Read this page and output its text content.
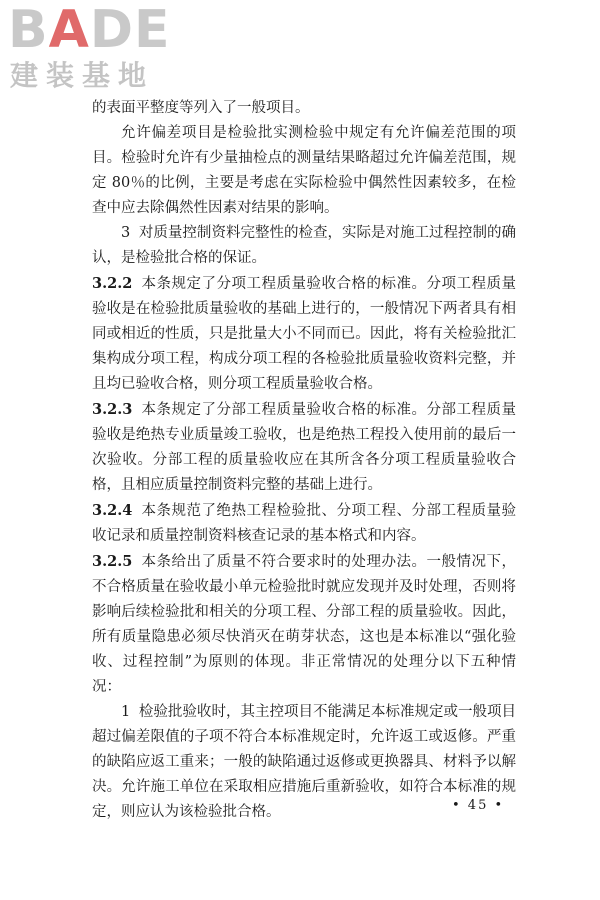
BADE
建装基地

的表面平整度等列入了一般项目。

允许偏差项目是检验批实测检验中规定有允许偏差范围的项目。检验时允许有少量抽检点的测量结果略超过允许偏差范围，规定 80％的比例，主要是考虑在实际检验中偶然性因素较多，在检查中应去除偶然性因素对结果的影响。

3 对质量控制资料完整性的检查，实际是对施工过程控制的确认，是检验批合格的保证。

3.2.2 本条规定了分项工程质量验收合格的标准。分项工程质量验收是在检验批质量验收的基础上进行的，一般情况下两者具有相同或相近的性质，只是批量大小不同而已。因此，将有关检验批汇集构成分项工程，构成分项工程的各检验批质量验收资料完整，并且均已验收合格，则分项工程质量验收合格。

3.2.3 本条规定了分部工程质量验收合格的标准。分部工程质量验收是绝热专业质量竣工验收，也是绝热工程投入使用前的最后一次验收。分部工程的质量验收应在其所含各分项工程质量验收合格，且相应质量控制资料完整的基础上进行。

3.2.4 本条规范了绝热工程检验批、分项工程、分部工程质量验收记录和质量控制资料核查记录的基本格式和内容。

3.2.5 本条给出了质量不符合要求时的处理办法。一般情况下，不合格质量在验收最小单元检验批时就应发现并及时处理，否则将影响后续检验批和相关的分项工程、分部工程的质量验收。因此，所有质量隐患必须尽快消灭在萌芽状态，这也是本标准以“强化验收、过程控制”为原则的体现。非正常情况的处理分以下五种情况：

1 检验批验收时，其主控项目不能满足本标准规定或一般项目超过偏差限值的子项不符合本标准规定时，允许返工或返修。严重的缺陷应返工重来；一般的缺陷通过返修或更换器具、材料予以解决。允许施工单位在采取相应措施后重新验收，如符合本标准的规定，则应认为该检验批合格。	• 45 •
